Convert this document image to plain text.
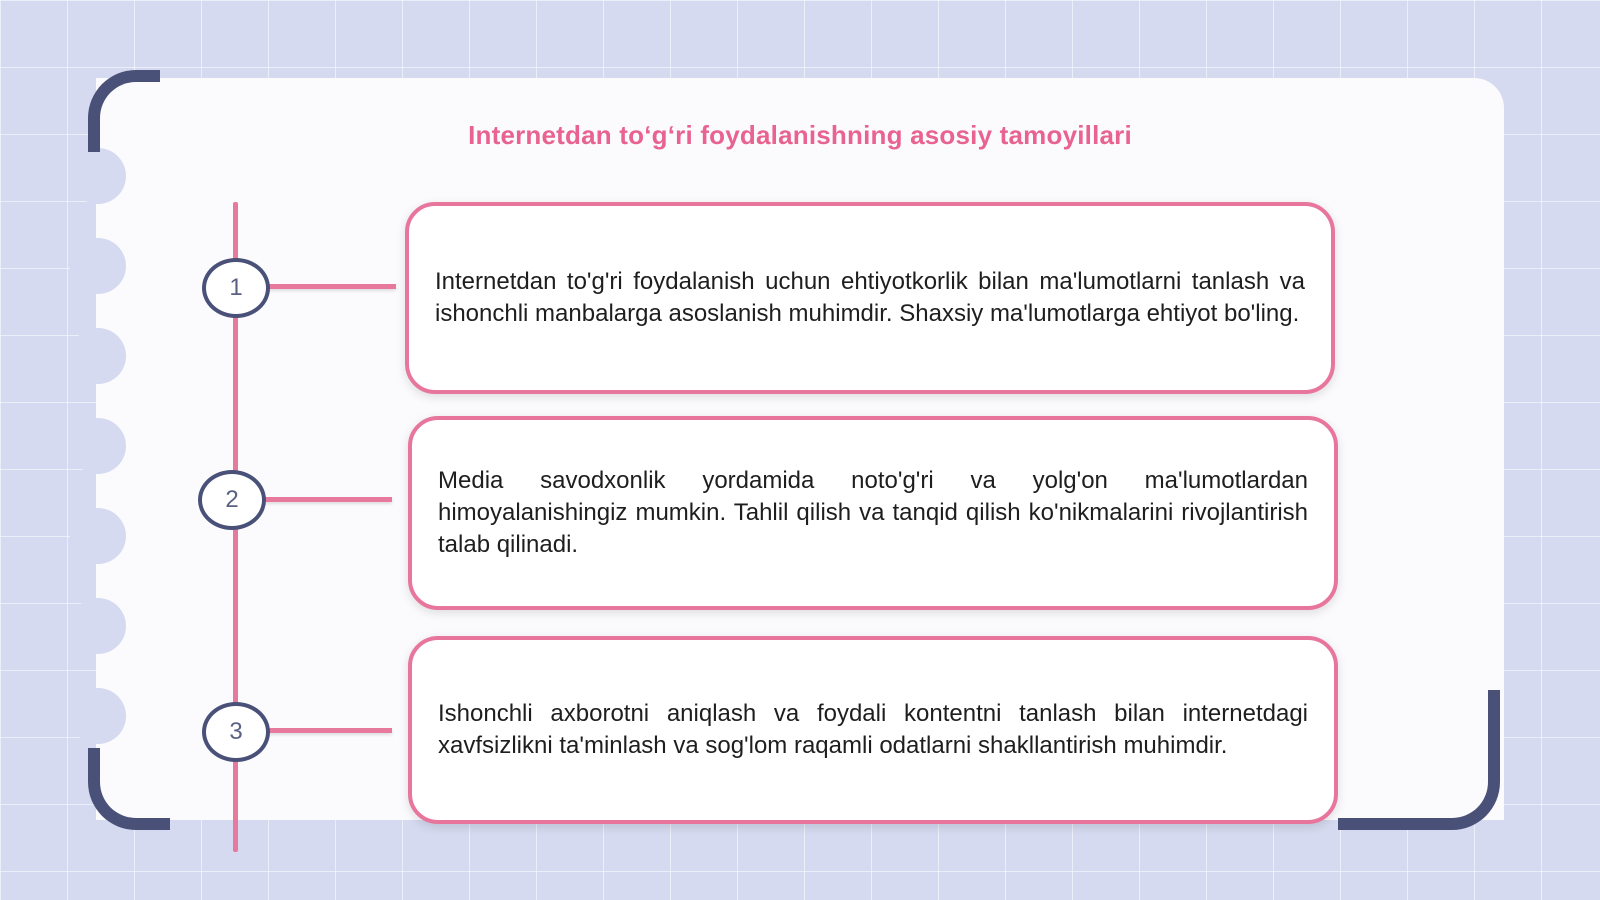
Internetdan toʻgʻri foydalanishning asosiy tamoyillari
1	Internetdan to'g'ri foydalanish uchun ehtiyotkorlik bilan ma'lumotlarni tanlash va ishonchli manbalarga asoslanish muhimdir. Shaxsiy ma'lumotlarga ehtiyot bo'ling.

2

Media savodxonlik yordamida noto'g'ri va yolg'on ma'lumotlardan himoyalanishingiz mumkin. Tahlil qilish va tanqid qilish ko'nikmalarini rivojlantirish talab qilinadi.

3

Ishonchli axborotni aniqlash va foydali kontentni tanlash bilan internetdagi xavfsizlikni ta'minlash va sog'lom raqamli odatlarni shakllantirish muhimdir.
